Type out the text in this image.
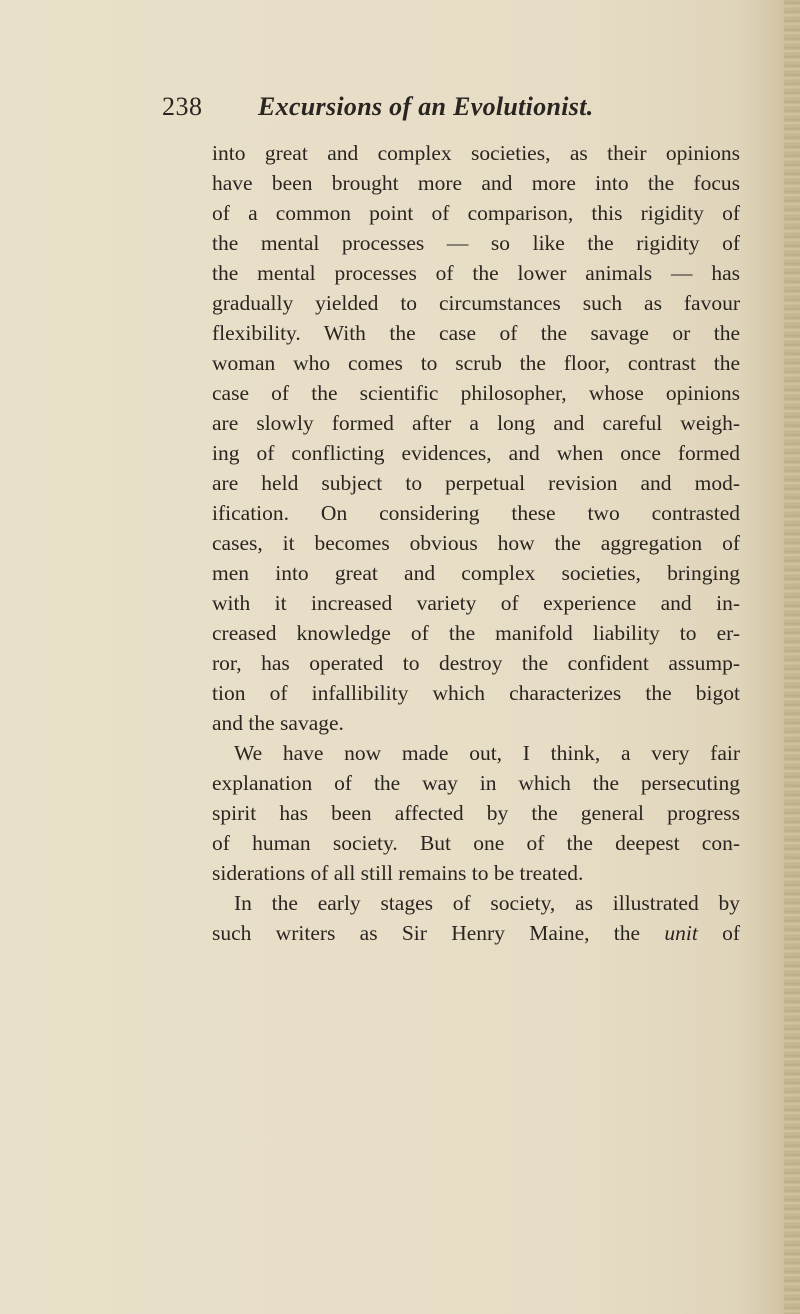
238 Excursions of an Evolutionist.
into great and complex societies, as their opinions
have been brought more and more into the focus
of a common point of comparison, this rigidity of
the mental processes — so like the rigidity of
the mental processes of the lower animals — has
gradually yielded to circumstances such as favour
flexibility. With the case of the savage or the
woman who comes to scrub the floor, contrast the
case of the scientific philosopher, whose opinions
are slowly formed after a long and careful weigh-
ing of conflicting evidences, and when once formed
are held subject to perpetual revision and mod-
ification. On considering these two contrasted
cases, it becomes obvious how the aggregation of
men into great and complex societies, bringing
with it increased variety of experience and in-
creased knowledge of the manifold liability to er-
ror, has operated to destroy the confident assump-
tion of infallibility which characterizes the bigot
and the savage.
We have now made out, I think, a very fair
explanation of the way in which the persecuting
spirit has been affected by the general progress
of human society. But one of the deepest con-
siderations of all still remains to be treated.
In the early stages of society, as illustrated by
such writers as Sir Henry Maine, the unit of
